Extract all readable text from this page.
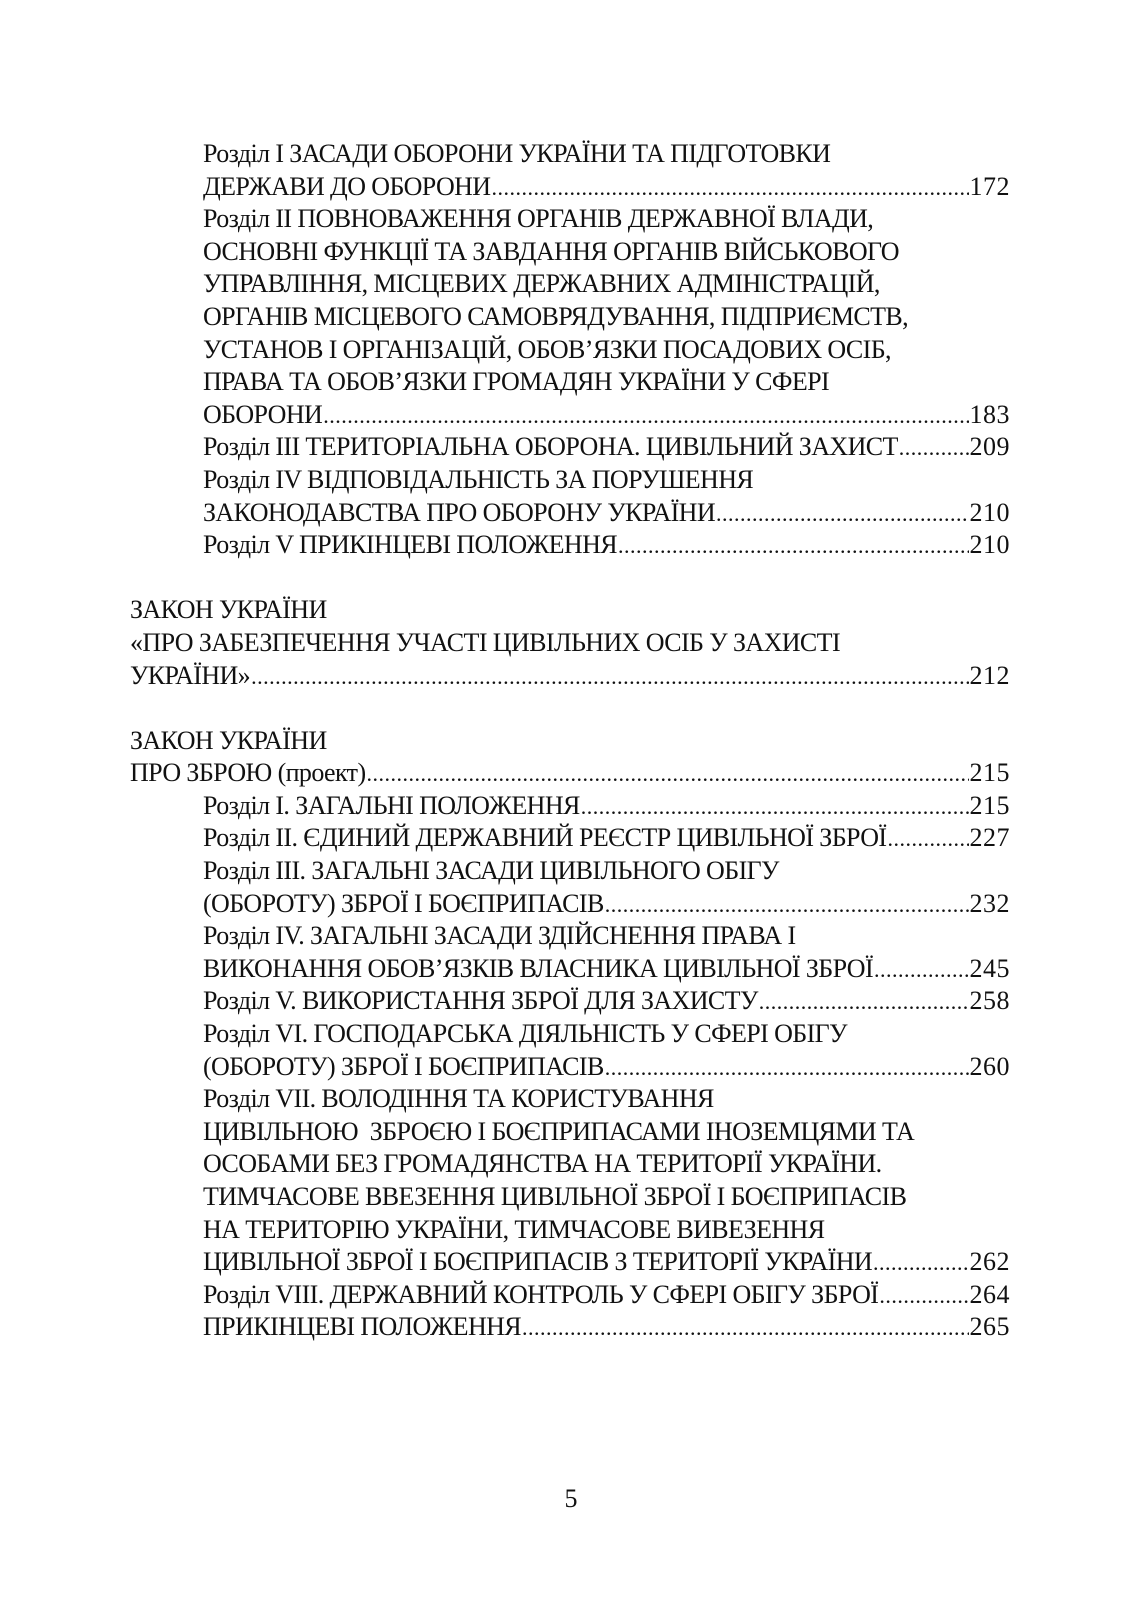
Розділ І ЗАСАДИ ОБОРОНИ УКРАЇНИ ТА ПІДГОТОВКИ
ДЕРЖАВИ ДО ОБОРОНИ .....	172
Розділ ІІ ПОВНОВАЖЕННЯ ОРГАНІВ ДЕРЖАВНОЇ ВЛАДИ,
ОСНОВНІ ФУНКЦІЇ ТА ЗАВДАННЯ ОРГАНІВ ВІЙСЬКОВОГО
УПРАВЛІННЯ, МІСЦЕВИХ ДЕРЖАВНИХ АДМІНІСТРАЦІЙ,
ОРГАНІВ МІСЦЕВОГО САМОВРЯДУВАННЯ, ПІДПРИЄМСТВ,
УСТАНОВ І ОРГАНІЗАЦІЙ, ОБОВ’ЯЗКИ ПОСАДОВИХ ОСІБ,
ПРАВА ТА ОБОВ’ЯЗКИ ГРОМАДЯН УКРАЇНИ У СФЕРІ
ОБОРОНИ .....	183
Розділ ІІІ ТЕРИТОРІАЛЬНА ОБОРОНА. ЦИВІЛЬНИЙ ЗАХИСТ .....	209
Розділ IV ВІДПОВІДАЛЬНІСТЬ ЗА ПОРУШЕННЯ
ЗАКОНОДАВСТВА ПРО ОБОРОНУ УКРАЇНИ .....	210
Розділ V ПРИКІНЦЕВІ ПОЛОЖЕННЯ .....	210
ЗАКОН УКРАЇНИ
«ПРО ЗАБЕЗПЕЧЕННЯ УЧАСТІ ЦИВІЛЬНИХ ОСІБ У ЗАХИСТІ
УКРАЇНИ» .....	212
ЗАКОН УКРАЇНИ
ПРО ЗБРОЮ (проект) .....	215
Розділ І. ЗАГАЛЬНІ ПОЛОЖЕННЯ .....	215
Розділ ІІ. ЄДИНИЙ ДЕРЖАВНИЙ РЕЄСТР ЦИВІЛЬНОЇ ЗБРОЇ .....	227
Розділ ІІІ. ЗАГАЛЬНІ ЗАСАДИ ЦИВІЛЬНОГО ОБІГУ
(ОБОРОТУ) ЗБРОЇ І БОЄПРИПАСІВ .....	232
Розділ IV. ЗАГАЛЬНІ ЗАСАДИ ЗДІЙСНЕННЯ ПРАВА І
ВИКОНАННЯ ОБОВ’ЯЗКІВ ВЛАСНИКА ЦИВІЛЬНОЇ ЗБРОЇ .....	245
Розділ V. ВИКОРИСТАННЯ ЗБРОЇ ДЛЯ ЗАХИСТУ .....	258
Розділ VI. ГОСПОДАРСЬКА ДІЯЛЬНІСТЬ У СФЕРІ ОБІГУ
(ОБОРОТУ) ЗБРОЇ І БОЄПРИПАСІВ .....	260
Розділ VII. ВОЛОДІННЯ ТА КОРИСТУВАННЯ
ЦИВІЛЬНОЮ  ЗБРОЄЮ І БОЄПРИПАСАМИ ІНОЗЕМЦЯМИ ТА
ОСОБАМИ БЕЗ ГРОМАДЯНСТВА НА ТЕРИТОРІЇ УКРАЇНИ.
ТИМЧАСОВЕ ВВЕЗЕННЯ ЦИВІЛЬНОЇ ЗБРОЇ І БОЄПРИПАСІВ
НА ТЕРИТОРІЮ УКРАЇНИ, ТИМЧАСОВЕ ВИВЕЗЕННЯ
ЦИВІЛЬНОЇ ЗБРОЇ І БОЄПРИПАСІВ З ТЕРИТОРІЇ УКРАЇНИ .....	262
Розділ VIII. ДЕРЖАВНИЙ КОНТРОЛЬ У СФЕРІ ОБІГУ ЗБРОЇ .....	264
ПРИКІНЦЕВІ ПОЛОЖЕННЯ .....	265
5
